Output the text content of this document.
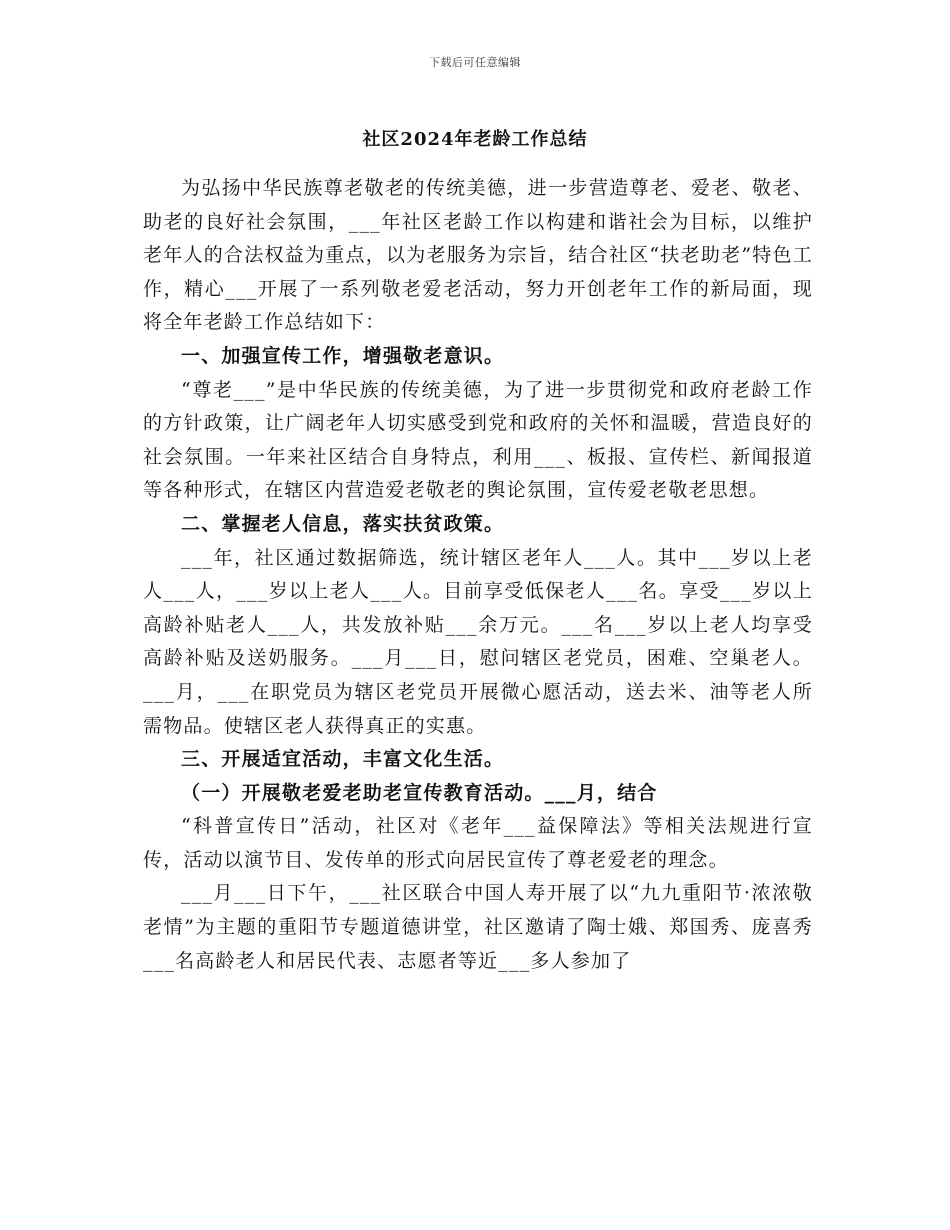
下载后可任意编辑
社区2024年老龄工作总结

为弘扬中华民族尊老敬老的传统美德，进一步营造尊老、爱老、敬老、助老的良好社会氛围，___年社区老龄工作以构建和谐社会为目标，以维护老年人的合法权益为重点，以为老服务为宗旨，结合社区“扶老助老”特色工作，精心___开展了一系列敬老爱老活动，努力开创老年工作的新局面，现将全年老龄工作总结如下：

一、加强宣传工作，增强敬老意识。

“尊老___”是中华民族的传统美德，为了进一步贯彻党和政府老龄工作的方针政策，让广阔老年人切实感受到党和政府的关怀和温暖，营造良好的社会氛围。一年来社区结合自身特点，利用___、板报、宣传栏、新闻报道等各种形式，在辖区内营造爱老敬老的舆论氛围，宣传爱老敬老思想。

二、掌握老人信息，落实扶贫政策。

___年，社区通过数据筛选，统计辖区老年人___人。其中___岁以上老人___人，___岁以上老人___人。目前享受低保老人___名。享受___岁以上高龄补贴老人___人，共发放补贴___余万元。___名___岁以上老人均享受高龄补贴及送奶服务。___月___日，慰问辖区老党员，困难、空巢老人。___月，___在职党员为辖区老党员开展微心愿活动，送去米、油等老人所需物品。使辖区老人获得真正的实惠。

三、开展适宜活动，丰富文化生活。

（一）开展敬老爱老助老宣传教育活动。___月，结合

“科普宣传日”活动，社区对《老年___益保障法》等相关法规进行宣传，活动以演节目、发传单的形式向居民宣传了尊老爱老的理念。

___月___日下午，___社区联合中国人寿开展了以“九九重阳节·浓浓敬老情”为主题的重阳节专题道德讲堂，社区邀请了陶士娥、郑国秀、庞喜秀___名高龄老人和居民代表、志愿者等近___多人参加了
